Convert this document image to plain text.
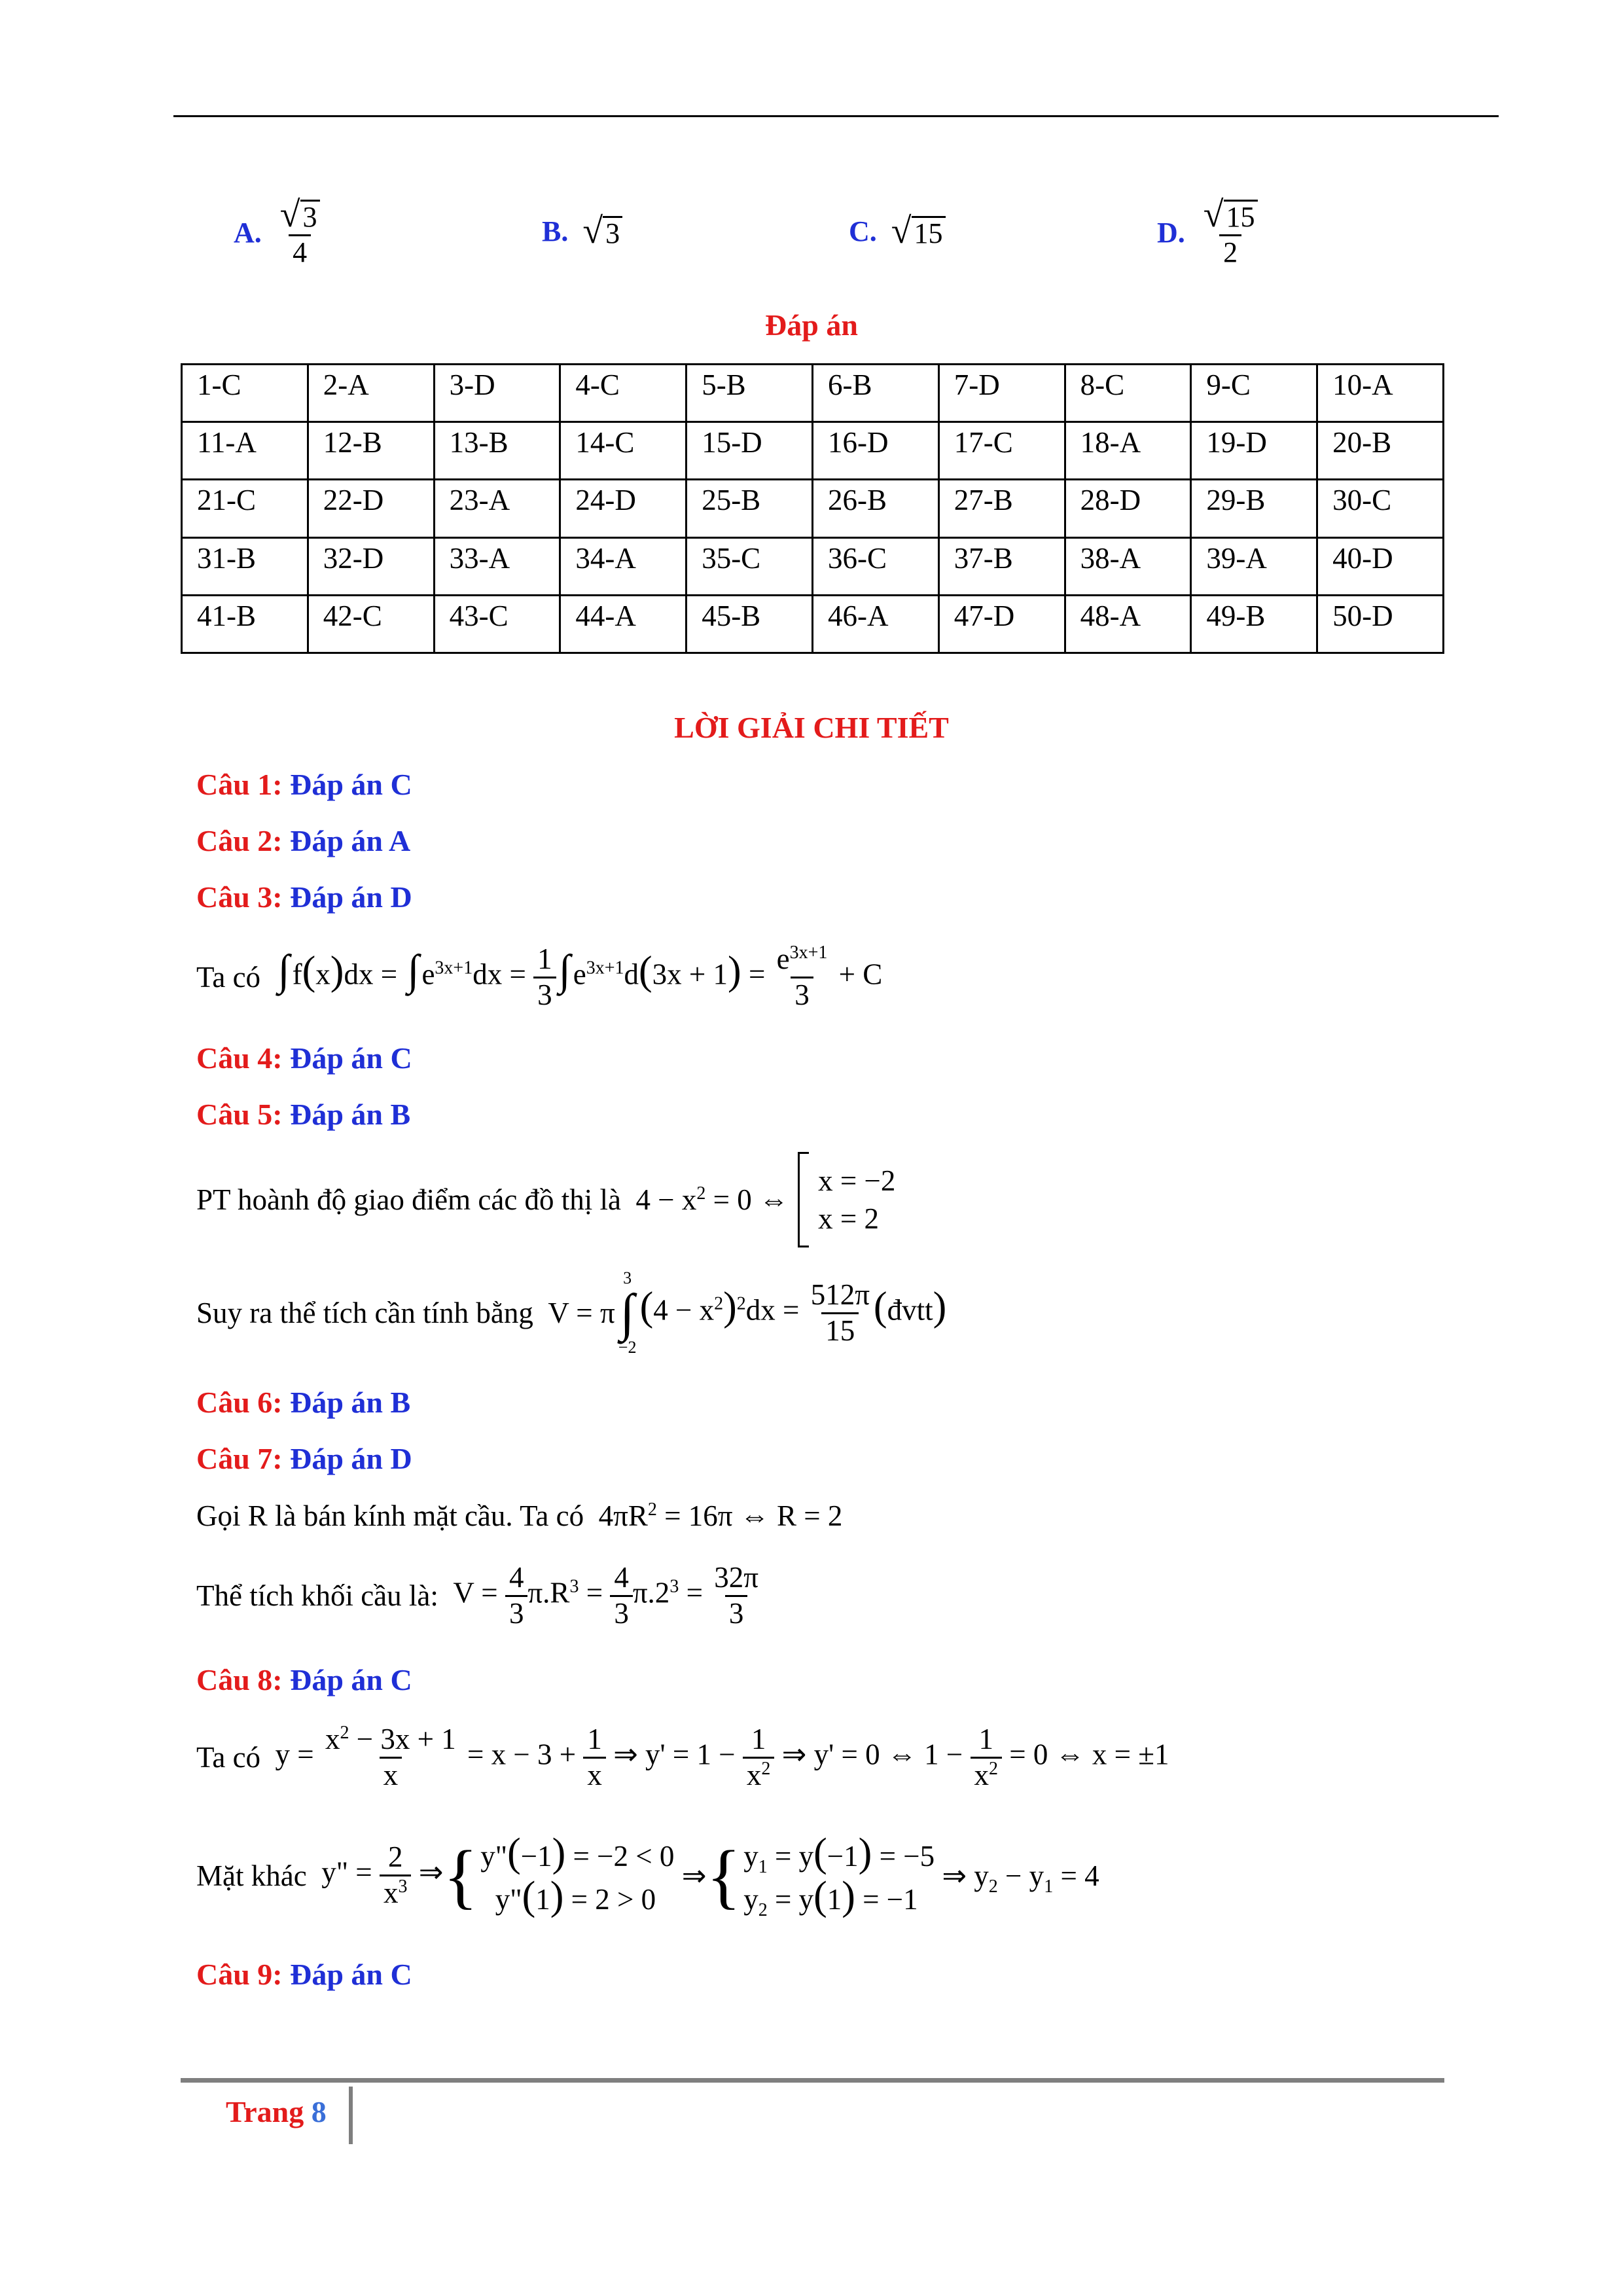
A. $\frac{√ 3}{4}$	B. √ 3	C. √ 15	D. $\frac{√ 15}{2}$
Đáp án
1-C	2-A	3-D	4-C	5-B	6-B	7-D	8-C	9-C	10-A
11-A	12-B	13-B	14-C	15-D	16-D	17-C	18-A	19-D	20-B
21-C	22-D	23-A	24-D	25-B	26-B	27-B	28-D	29-B	30-C
31-B	32-D	33-A	34-A	35-C	36-C	37-B	38-A	39-A	40-D
41-B	42-C	43-C	44-A	45-B	46-A	47-D	48-A	49-B	50-D
LỜI GIẢI CHI TIẾT
Câu 1: Đáp án C
Câu 2: Đáp án A
Câu 3: Đáp án D
Ta có
$\int f(x)dx = \int e^{3x+1}dx = \frac{1}{3} \int e^{3x+1}d(3x + 1) = \frac{e^{3x+1}}{3} + C$
Câu 4: Đáp án C
Câu 5: Đáp án B
PT hoành độ giao điểm các đồ thị là
$4 - x^2 = 0$ ⇔
x = −2
x = 2
Suy ra thể tích cần tính bằng
V = π
3
∫
−2
$(4 - x^2)^2dx = \frac{512\pi}{15}$ (đvtt)
Câu 6: Đáp án B
Câu 7: Đáp án D
Gọi R là bán kính mặt cầu. Ta có
$4\pi R^2 = 16\pi$ ⇔ R = 2
Thể tích khối cầu là:
$V = \frac{4}{3} \pi.R^3 = \frac{4}{3} \pi.2^3 = \frac{32\pi}{3}$
Câu 8: Đáp án C
Ta có
$y = \frac{x^2 - 3x + 1}{x} = x - 3 + \frac{1}{x}$ ⇒ $y' = 1 - \frac{1}{x^2}$ ⇒ y' = 0 ⇔ $1 - \frac{1}{x^2} = 0$ ⇔ x = ±1
Mặt khác
y" = $\frac{2}{x^3}$ ⇒ { y"(−1) = −2 < 0
y"(1) = 2 > 0
⇒ { $y_1 = y(-1) = -5$
$y_2 = y(1) = -1$
⇒ $y_2 - y_1 = 4$
Câu 9: Đáp án C
Trang 8
